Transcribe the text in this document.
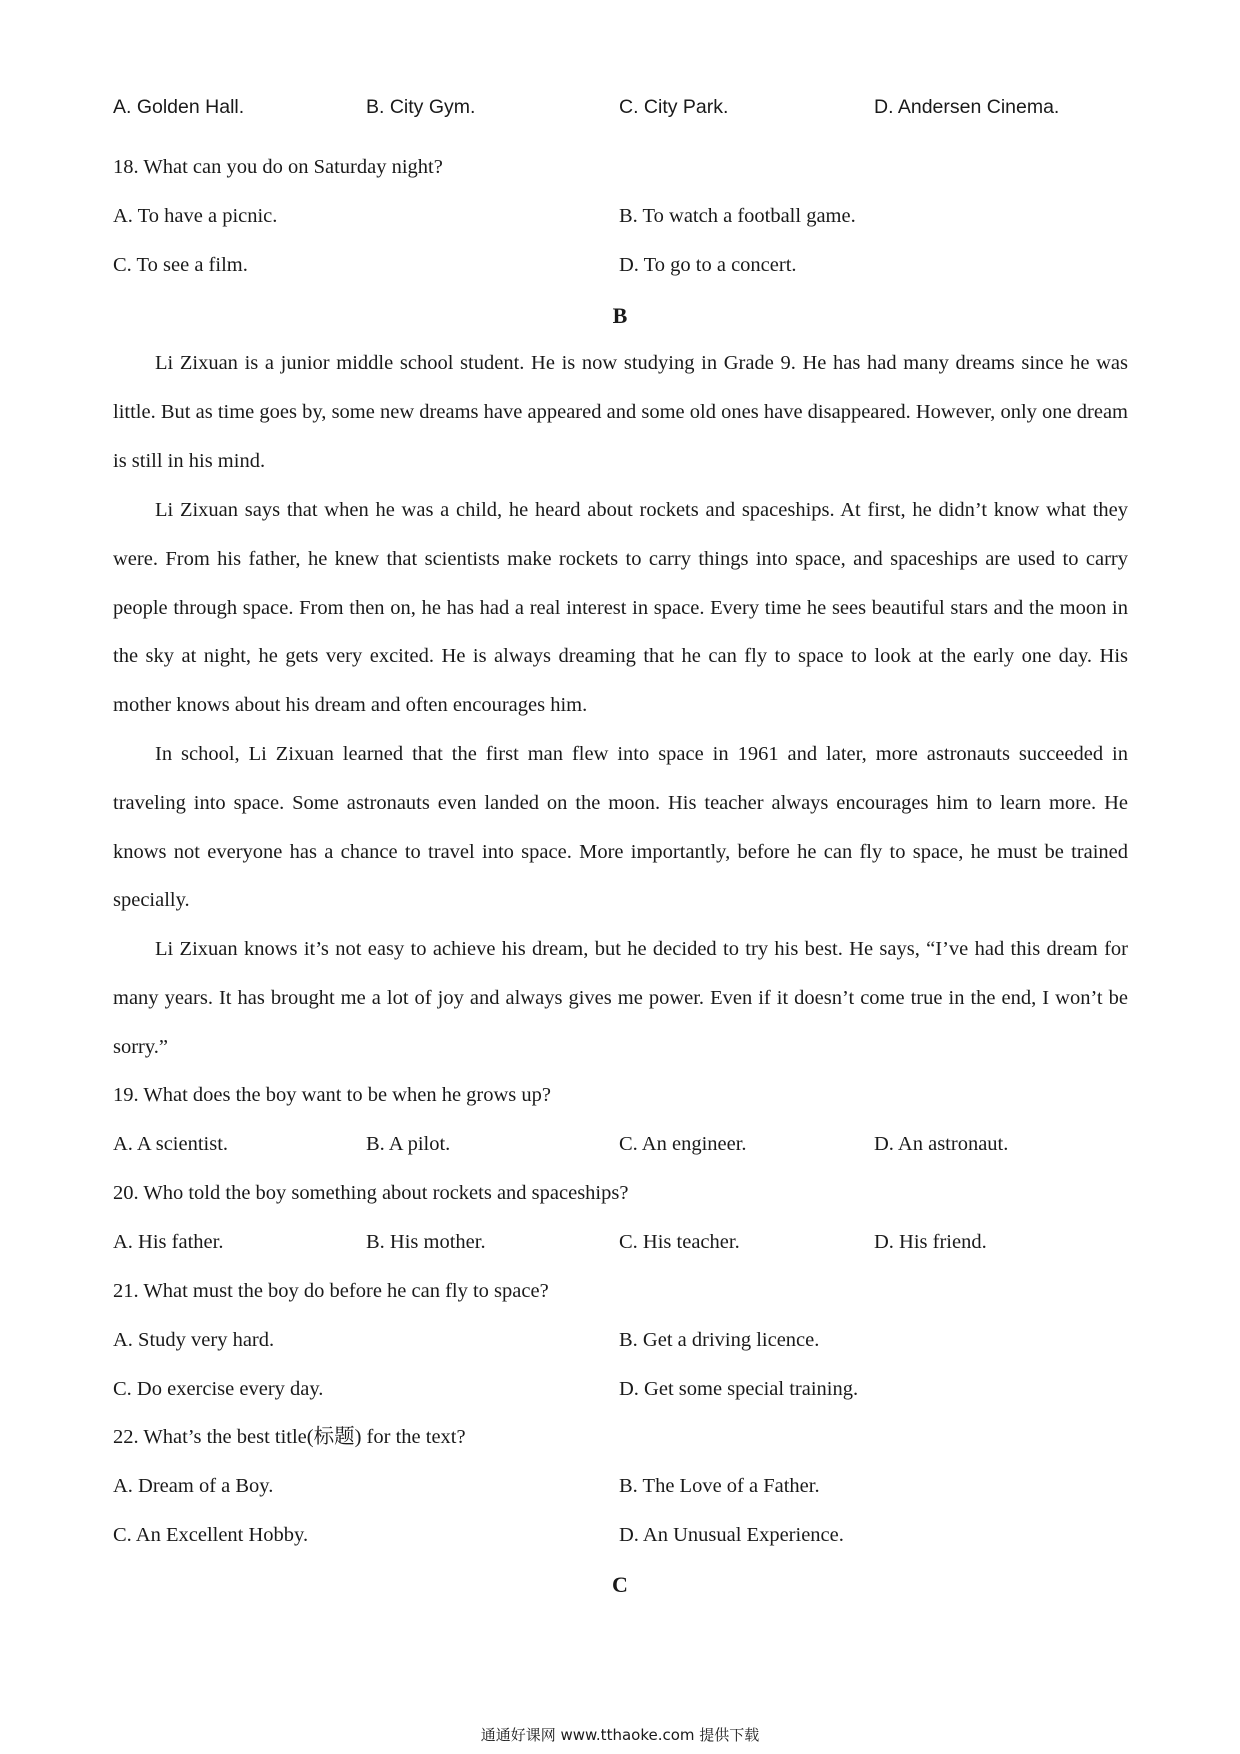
A. Golden Hall.	B. City Gym.	C. City Park.	D. Andersen Cinema.
18. What can you do on Saturday night?
A. To have a picnic.	B. To watch a football game.
C. To see a film.	D. To go to a concert.
B

Li Zixuan is a junior middle school student. He is now studying in Grade 9. He has had many dreams since he was little. But as time goes by, some new dreams have appeared and some old ones have disappeared. However, only one dream is still in his mind.

Li Zixuan says that when he was a child, he heard about rockets and spaceships. At first, he didn’t know what they were. From his father, he knew that scientists make rockets to carry things into space, and spaceships are used to carry people through space. From then on, he has had a real interest in space. Every time he sees beautiful stars and the moon in the sky at night, he gets very excited. He is always dreaming that he can fly to space to look at the early one day. His mother knows about his dream and often encourages him.

In school, Li Zixuan learned that the first man flew into space in 1961 and later, more astronauts succeeded in traveling into space. Some astronauts even landed on the moon. His teacher always encourages him to learn more. He knows not everyone has a chance to travel into space. More importantly, before he can fly to space, he must be trained specially.

Li Zixuan knows it’s not easy to achieve his dream, but he decided to try his best. He says, “I’ve had this dream for many years. It has brought me a lot of joy and always gives me power. Even if it doesn’t come true in the end, I won’t be sorry.”

19. What does the boy want to be when he grows up?
A. A scientist.	B. A pilot.	C. An engineer.	D. An astronaut.
20. Who told the boy something about rockets and spaceships?
A. His father.	B. His mother.	C. His teacher.	D. His friend.
21. What must the boy do before he can fly to space?
A. Study very hard.	B. Get a driving licence.
C. Do exercise every day.	D. Get some special training.
22. What’s the best title(标题) for the text?
A. Dream of a Boy.	B. The Love of a Father.
C. An Excellent Hobby.	D. An Unusual Experience.
C
通通好课网 www.tthaoke.com 提供下载
